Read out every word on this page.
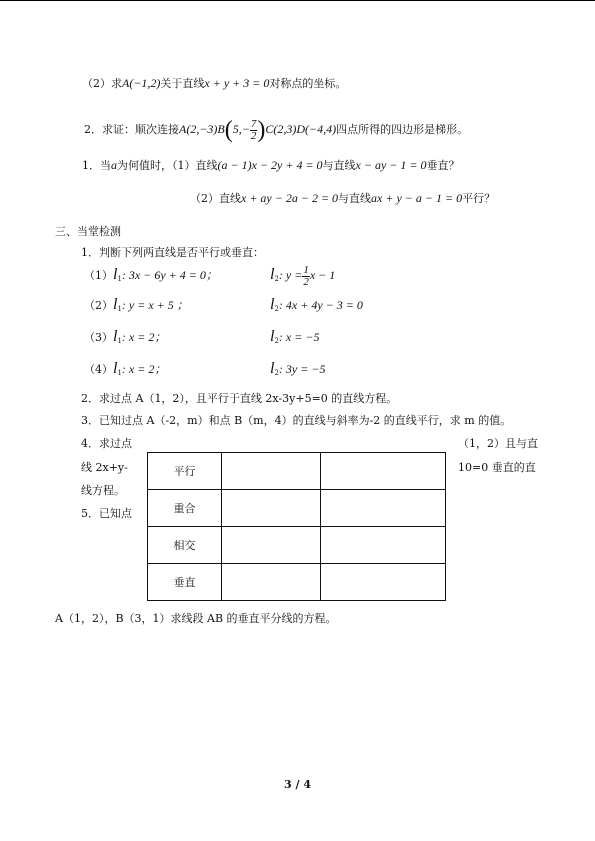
（2）求A(−1,2)关于直线x + y + 3 = 0对称点的坐标。
2．求证：顺次连接$A(2,-3)B(5,- \frac{7}{2} )C(2,3)D(-4,4)$四点所得的四边形是梯形。
1．当a为何值时，（1）直线(a − 1)x − 2y + 4 = 0与直线x − ay − 1 = 0垂直？
（2）直线x + ay − 2a − 2 = 0与直线ax + y − a − 1 = 0平行？
三、当堂检测
1．判断下列两直线是否平行或垂直：
$(1)l_1$: 3x − 6y + 4 = 0；	$l_2$: $y = \frac{1}{2}$ x − 1
$(2)l_1$: y = x + 5 ；	$l_2$: 4x + 4y − 3 = 0
$(3)l_1$: x = 2；	$l_2$: x = −5
$(4)l_1$: x = 2；	$l_2$: 3y = −5
2．求过点 A（1，2），且平行于直线 2x-3y+5=0 的直线方程。
3．已知过点 A（-2，m）和点 B（m，4）的直线与斜率为-2 的直线平行，求 m 的值。
4．求过点	（1，2）且与直
线 2x+y-	10=0 垂直的直
线方程。
5．已知点
平行		
重合		
相交		
垂直		
A（1，2），B（3，1）求线段 AB 的垂直平分线的方程。
3 / 4
